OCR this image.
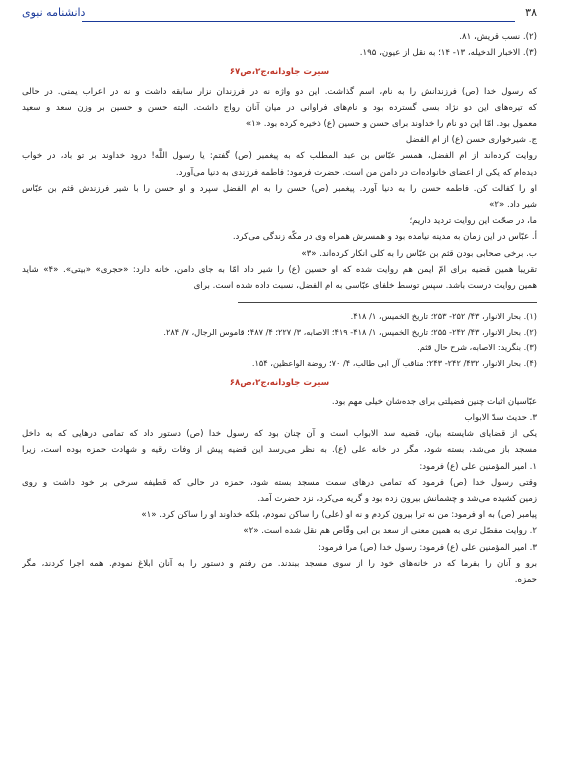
۳۸
دانشنامه نبوی
(۲). نسب قریش، ۸۱.
(۳). الاخبار الدخیله، ۱۳- ۱۴؛ به نقل از عیون، ۱۹۵.
سیرت جاودانه،ج۲،ص۶۷
که رسول خدا (ص) فرزندانش را به نام، اسم گذاشت. این دو واژه نه در فرزندان نزار سابقه داشت و نه در اعراب یمنی. در حالی
که تیره‌های این دو نژاد بسی گسترده بود و نام‌های فراوانی در میان آنان رواج داشت. البته حسن و حسین بر وزن سعد و سعید
معمول بود. امّا این دو نام را خداوند برای حسن و حسین (ع) ذخیره کرده بود. «۱»
ج. شیرخواری حسن (ع) از ام الفضل
روایت کرده‌اند از ام الفضل، همسر عبّاس بن عبد المطلب که به پیغمبر (ص) گفتم: یا رسول اللَّه! درود خداوند بر تو باد، در خواب
دیده‌ام که یکی از اعضای خانواده‌ات در دامن من است. حضرت فرمود: فاطمه فرزندی به دنیا می‌آورد.
او را کفالت کن. فاطمه حسن را به دنیا آورد. پیغمبر (ص) حسن را به ام الفضل سپرد و او حسن را با شیر فرزندش قثم بن عبّاس
شیر داد. «۲»
ما، در صحّت این روایت تردید داریم؛
أ. عبّاس در این زمان به مدینه نیامده بود و همسرش همراه وی در مکّه زندگی می‌کرد.
ب. برخی صحابی بودن قثم بن عبّاس را به کلی انکار کرده‌اند. «۳»
تقریبا همین قضیه برای امّ ایمن هم روایت شده که او حسین (ع) را شیر داد امّا به جای دامن، خانه دارد: «حجری» «بیتی». «۴» شاید
همین روایت درست باشد. سپس توسط خلفای عبّاسی به ام الفضل، نسبت داده شده است. برای
(۱). بحار الانوار، ۴۳/ ۲۵۲- ۲۵۳؛ تاریخ الخمیس، ۱/ ۴۱۸.
(۲). بحار الانوار، ۴۳/ ۲۴۲- ۲۵۵؛ تاریخ الخمیس، ۱/ ۴۱۸- ۴۱۹؛ الاصابه، ۳/ ۲۲۷؛ ۴/ ۴۸۷؛ قاموس الرجال، ۷/ ۲۸۴.
(۳). بنگرید: الاصابه، شرح حال قثم.
(۴). بحار الانوار، ۴۳۲/ ۲۴۲- ۲۴۳؛ مناقب آل ابی طالب، ۴/ ۷۰؛ روضة الواعظین، ۱۵۴.
سیرت جاودانه،ج۲،ص۶۸
عبّاسیان اثبات چنین فضیلتی برای جده‌شان خیلی مهم بود.
۳. حدیث سدّ الابواب
یکی از قضایای شایسته بیان، قضیه سد الابواب است و آن چنان بود که رسول خدا (ص) دستور داد که تمامی درهایی که به داخل
مسجد باز می‌شد، بسته شود، مگر در خانه علی (ع). به نظر می‌رسد این قضیه پیش از وفات رقیه و شهادت حمزه بوده است، زیرا
۱. امیر المؤمنین علی (ع) فرمود:
وقتی رسول خدا (ص) فرمود که تمامی درهای سمت مسجد بسته شود، حمزه در حالی که قطیفه سرخی بر خود داشت و روی
زمین کشیده می‌شد و چشمانش بیرون زده بود و گریه می‌کرد، نزد حضرت آمد.
پیامبر (ص) به او فرمود: من نه ترا بیرون کردم و نه او (علی) را ساکن نمودم، بلکه خداوند او را ساکن کرد. «۱»
۲. روایت مفصّل تری به همین معنی از سعد بن ابی وقّاص هم نقل شده است. «۲»
۳. امیر المؤمنین علی (ع) فرمود: رسول خدا (ص) مرا فرمود:
برو و آنان را بفرما که در خانه‌های خود را از سوی مسجد ببندند. من رفتم و دستور را به آنان ابلاغ نمودم. همه اجرا کردند، مگر
حمزه.
